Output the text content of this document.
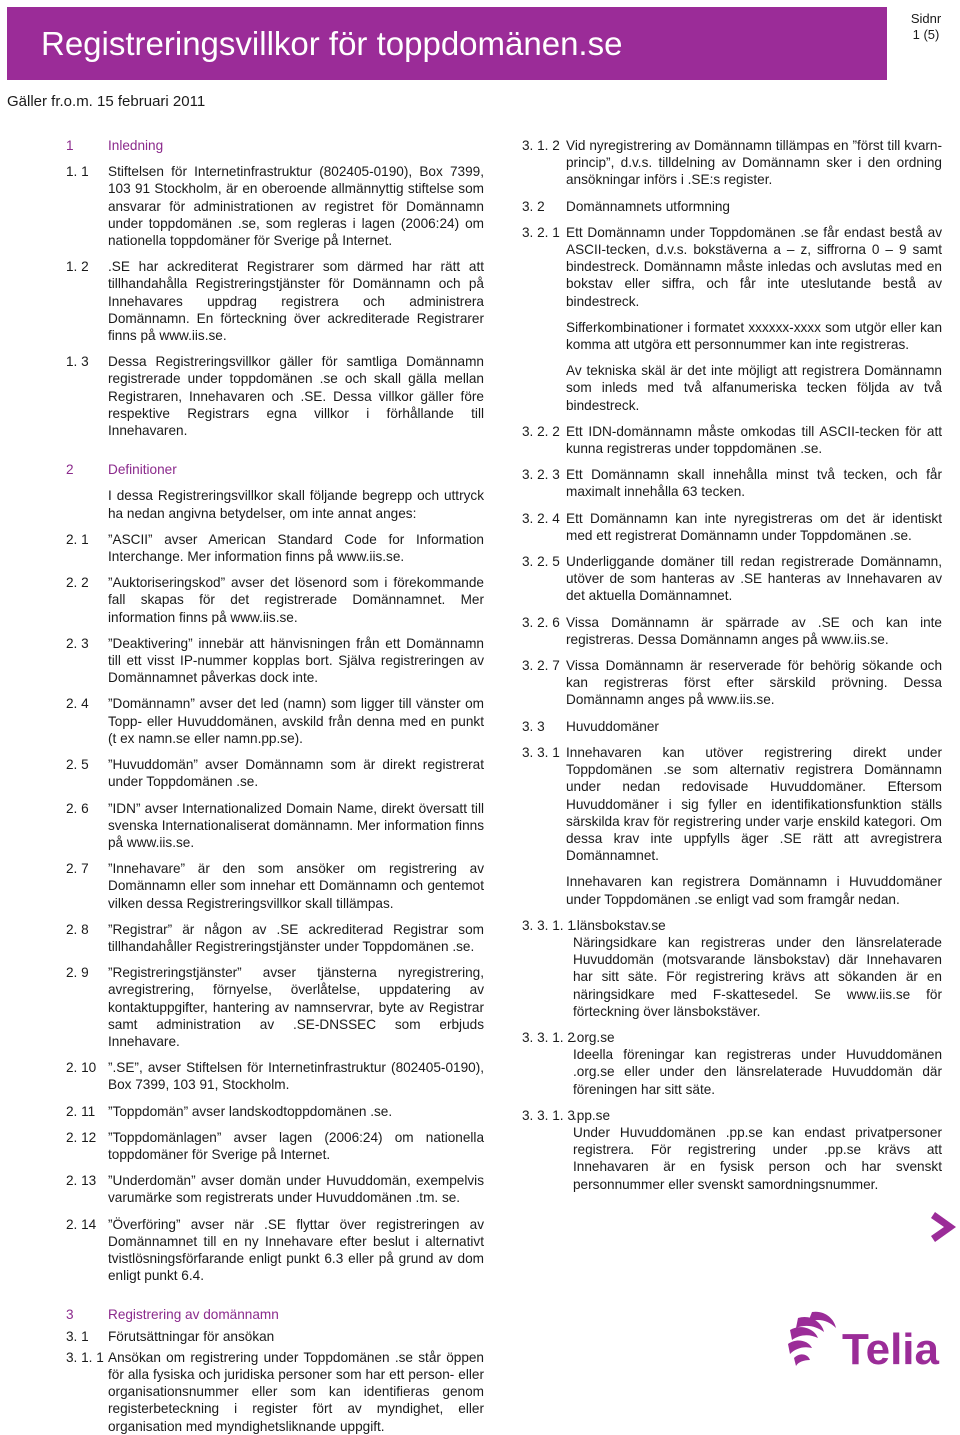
Registreringsvillkor för toppdomänen.se
Sidnr
1 (5)
Gäller fr.o.m. 15 februari 2011
1	Inledning
1. 1	Stiftelsen för Internetinfrastruktur (802405-0190), Box 7399, 103 91 Stockholm, är en oberoende allmännyttig stiftelse som ansvarar för administrationen av registret för Domännamn under toppdomänen .se, som regleras i lagen (2006:24) om nationella toppdomäner för Sverige på Internet.
1. 2	.SE har ackrediterat Registrarer som därmed har rätt att tillhandahålla Registreringstjänster för Domännamn och på Innehavares uppdrag registrera och administrera Domännamn. En förteckning över ackrediterade Registrarer finns på www.iis.se.
1. 3	Dessa Registreringsvillkor gäller för samtliga Domännamn registrerade under toppdomänen .se och skall gälla mellan Registraren, Innehavaren och .SE. Dessa villkor gäller före respektive Registrars egna villkor i förhållande till Innehavaren.
2	Definitioner
I dessa Registreringsvillkor skall följande begrepp och uttryck ha nedan angivna betydelser, om inte annat anges:
2. 1	”ASCII” avser American Standard Code for Information Interchange. Mer information finns på www.iis.se.
2. 2	”Auktoriseringskod” avser det lösenord som i förekommande fall skapas för det registrerade Domännamnet. Mer information finns på www.iis.se.
2. 3	”Deaktivering” innebär att hänvisningen från ett Domännamn till ett visst IP-nummer kopplas bort. Själva registreringen av Domännamnet påverkas dock inte.
2. 4	”Domännamn” avser det led (namn) som ligger till vänster om Topp- eller Huvuddomänen, avskild från denna med en punkt (t ex namn.se eller namn.pp.se).
2. 5	”Huvuddomän” avser Domännamn som är direkt registrerat under Toppdomänen .se.
2. 6	”IDN” avser Internationalized Domain Name, direkt översatt till svenska Internationaliserat domännamn. Mer information finns på www.iis.se.
2. 7	”Innehavare” är den som ansöker om registrering av Domännamn eller som innehar ett Domännamn och gentemot vilken dessa Registreringsvillkor skall tillämpas.
2. 8	”Registrar” är någon av .SE ackrediterad Registrar som tillhandahåller Registreringstjänster under Toppdomänen .se.
2. 9	”Registreringstjänster” avser tjänsterna nyregistrering, avregistrering, förnyelse, överlåtelse, uppdatering av kontaktuppgifter, hantering av namnservrar, byte av Registrar samt administration av .SE-DNSSEC som erbjuds Innehavare.
2. 10 ”.SE”, avser Stiftelsen för Internetinfrastruktur (802405-0190), Box 7399, 103 91, Stockholm.
2. 11 ”Toppdomän” avser landskodtoppdomänen .se.
2. 12 ”Toppdomänlagen” avser lagen (2006:24) om nationella toppdomäner för Sverige på Internet.
2. 13 ”Underdomän” avser domän under Huvuddomän, exempelvis varumärke som registrerats under Huvuddomänen .tm. se.
2. 14 ”Överföring” avser när .SE flyttar över registreringen av Domännamnet till en ny Innehavare efter beslut i alternativt tvistlösningsförfarande enligt punkt 6.3 eller på grund av dom enligt punkt 6.4.
3	Registrering av domännamn
3. 1	Förutsättningar för ansökan
3. 1. 1 Ansökan om registrering under Toppdomänen .se står öppen för alla fysiska och juridiska personer som har ett person- eller organisationsnummer eller som kan identifieras genom registerbeteckning i register fört av myndighet, eller organisation med myndighetsliknande uppgift.
3. 1. 2 Vid nyregistrering av Domännamn tillämpas en ”först till kvarn-princip”, d.v.s. tilldelning av Domännamn sker i den ordning ansökningar införs i .SE:s register.
3. 2	Domännamnets utformning
3. 2. 1 Ett Domännamn under Toppdomänen .se får endast bestå av ASCII-tecken, d.v.s. bokstäverna a – z, siffrorna 0 – 9 samt bindestreck. Domännamn måste inledas och avslutas med en bokstav eller siffra, och får inte uteslutande bestå av bindestreck.
Sifferkombinationer i formatet xxxxxx-xxxx som utgör eller kan komma att utgöra ett personnummer kan inte registreras.
Av tekniska skäl är det inte möjligt att registrera Domännamn som inleds med två alfanumeriska tecken följda av två bindestreck.
3. 2. 2 Ett IDN-domännamn måste omkodas till ASCII-tecken för att kunna registreras under toppdomänen .se.
3. 2. 3 Ett Domännamn skall innehålla minst två tecken, och får maximalt innehålla 63 tecken.
3. 2. 4 Ett Domännamn kan inte nyregistreras om det är identiskt med ett registrerat Domännamn under Toppdomänen .se.
3. 2. 5 Underliggande domäner till redan registrerade Domännamn, utöver de som hanteras av .SE hanteras av Innehavaren av det aktuella Domännamnet.
3. 2. 6 Vissa Domännamn är spärrade av .SE och kan inte registreras. Dessa Domännamn anges på www.iis.se.
3. 2. 7 Vissa Domännamn är reserverade för behörig sökande och kan registreras först efter särskild prövning. Dessa Domännamn anges på www.iis.se.
3. 3	Huvuddomäner
3. 3. 1 Innehavaren kan utöver registrering direkt under Toppdomänen .se som alternativ registrera Domännamn under nedan redovisade Huvuddomäner. Eftersom Huvuddomäner i sig fyller en identifikationsfunktion ställs särskilda krav för registrering under varje enskild kategori. Om dessa krav inte uppfylls äger .SE rätt att avregistrera Domännamnet.
Innehavaren kan registrera Domännamn i Huvuddomäner under Toppdomänen .se enligt vad som framgår nedan.
3. 3. 1. 1
.länsbokstav.se
Näringsidkare kan registreras under den länsrelaterade Huvuddomän (motsvarande länsbokstav) där Innehavaren har sitt säte. För registrering krävs att sökanden är en näringsidkare med F-skattesedel. Se www.iis.se för förteckning över länsbokstäver.
3. 3. 1. 2
.org.se
Ideella föreningar kan registreras under Huvuddomänen .org.se eller under den länsrelaterade Huvuddomän där föreningen har sitt säte.
3. 3. 1. 3
.pp.se
Under Huvuddomänen .pp.se kan endast privatpersoner registrera. För registrering under .pp.se krävs att Innehavaren är en fysisk person och har svenskt personnummer eller svenskt samordningsnummer.
Telia
